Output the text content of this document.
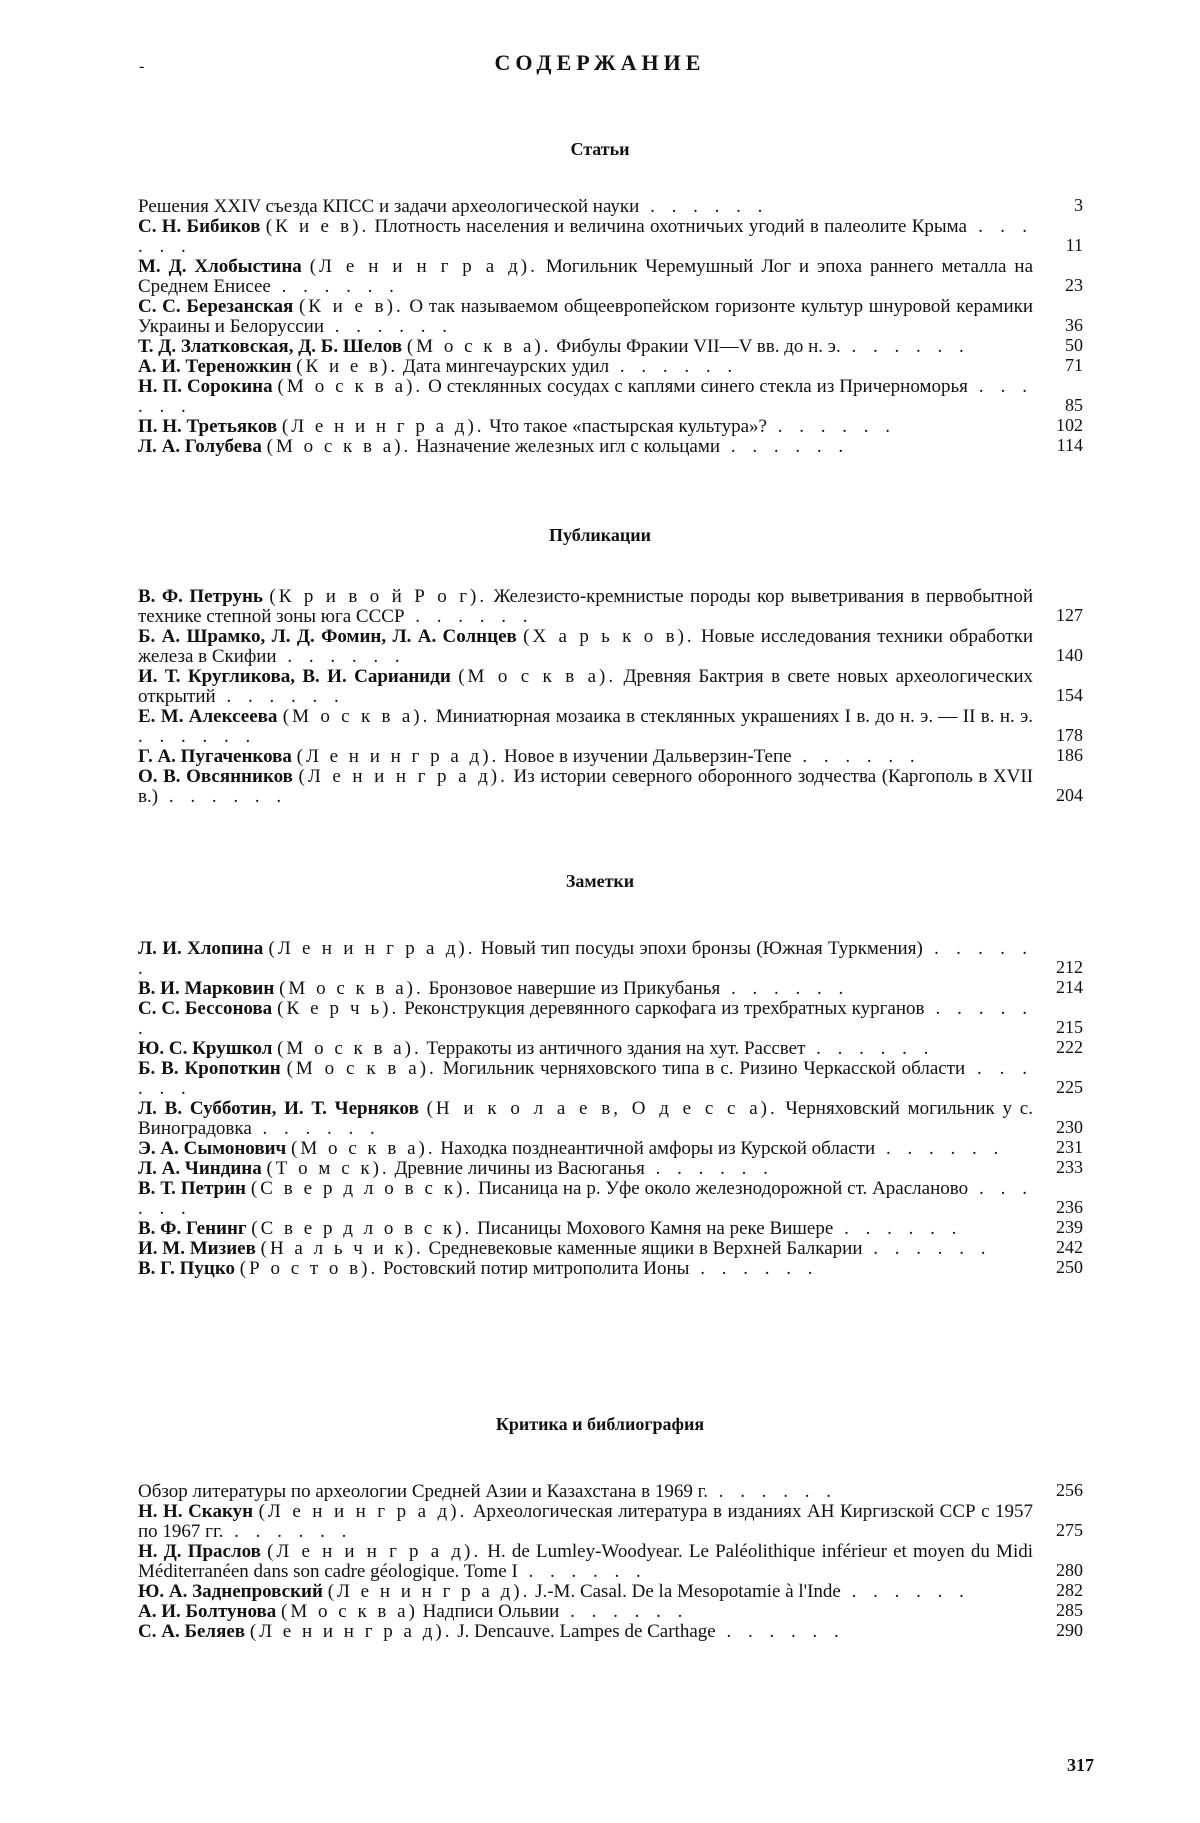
-	СОДЕРЖАНИЕ
Статьи
Решения XXIV съезда КПСС и задачи археологической науки . . . . . .	3
С. Н. Бибиков (К и е в). Плотность населения и величина охотничьих угодий в палеолите Крыма . . . . . .	11
М. Д. Хлобыстина (Л е н и н г р а д). Могильник Черемушный Лог и эпоха раннего металла на Среднем Енисее . . . . . .	23
С. С. Березанская (К и е в). О так называемом общеевропейском горизонте культур шнуровой керамики Украины и Белоруссии . . . . . .	36
Т. Д. Златковская, Д. Б. Шелов (М о с к в а). Фибулы Фракии VII—V вв. до н. э. . . . . . .	50
А. И. Тереножкин (К и е в). Дата мингечаурских удил . . . . . .	71
Н. П. Сорокина (М о с к в а). О стеклянных сосудах с каплями синего стекла из Причерноморья . . . . . .	85
П. Н. Третьяков (Л е н и н г р а д). Что такое «пастырская культура»? . . . . . .	102
Л. А. Голубева (М о с к в а). Назначение железных игл с кольцами . . . . . .	114
Публикации
В. Ф. Петрунь (К р и в о й Р о г). Железисто-кремнистые породы кор выветривания в первобытной технике степной зоны юга СССР . . . . . .	127
Б. А. Шрамко, Л. Д. Фомин, Л. А. Солнцев (Х а р ь к о в). Новые исследования техники обработки железа в Скифии . . . . . .	140
И. Т. Кругликова, В. И. Сарианиди (М о с к в а). Древняя Бактрия в свете новых археологических открытий . . . . . .	154
Е. М. Алексеева (М о с к в а). Миниатюрная мозаика в стеклянных украшениях I в. до н. э. — II в. н. э. . . . . . .	178
Г. А. Пугаченкова (Л е н и н г р а д). Новое в изучении Дальверзин-Тепе . . . . . .	186
О. В. Овсянников (Л е н и н г р а д). Из истории северного оборонного зодчества (Каргополь в XVII в.) . . . . . .	204
Заметки
Л. И. Хлопина (Л е н и н г р а д). Новый тип посуды эпохи бронзы (Южная Туркмения) . . . . . .	212
В. И. Марковин (М о с к в а). Бронзовое навершие из Прикубанья . . . . . .	214
С. С. Бессонова (К е р ч ь). Реконструкция деревянного саркофага из трехбратных курганов . . . . . .	215
Ю. С. Крушкол (М о с к в а). Терракоты из античного здания на хут. Рассвет . . . . . .	222
Б. В. Кропоткин (М о с к в а). Могильник черняховского типа в с. Ризино Черкасской области . . . . . .	225
Л. В. Субботин, И. Т. Черняков (Н и к о л а е в, О д е с с а). Черняховский могильник у с. Виноградовка . . . . . .	230
Э. А. Сымонович (М о с к в а). Находка позднеантичной амфоры из Курской области . . . . . .	231
Л. А. Чиндина (Т о м с к). Древние личины из Васюганья . . . . . .	233
В. Т. Петрин (С в е р д л о в с к). Писаница на р. Уфе около железнодорожной ст. Арасланово . . . . . .	236
В. Ф. Генинг (С в е р д л о в с к). Писаницы Мохового Камня на реке Вишере . . . . . .	239
И. М. Мизиев (Н а л ь ч и к). Средневековые каменные ящики в Верхней Балкарии . . . . . .	242
В. Г. Пуцко (Р о с т о в). Ростовский потир митрополита Ионы . . . . . .	250
Критика и библиография
Обзор литературы по археологии Средней Азии и Казахстана в 1969 г. . . . . . .	256
Н. Н. Скакун (Л е н и н г р а д). Археологическая литература в изданиях АН Киргизской ССР с 1957 по 1967 гг. . . . . . .	275
Н. Д. Праслов (Л е н и н г р а д). H. de Lumley-Woodyear. Le Paléolithique inférieur et moyen du Midi Méditerranéen dans son cadre géologique. Tome I . . . . . .	280
Ю. А. Заднепровский (Л е н и н г р а д). J.-M. Casal. De la Mesopotamie à l'Inde . . . . . .	282
А. И. Болтунова (М о с к в а) Надписи Ольвии . . . . . .	285
С. А. Беляев (Л е н и н г р а д). J. Dencauve. Lampes de Carthage . . . . . .	290
317
